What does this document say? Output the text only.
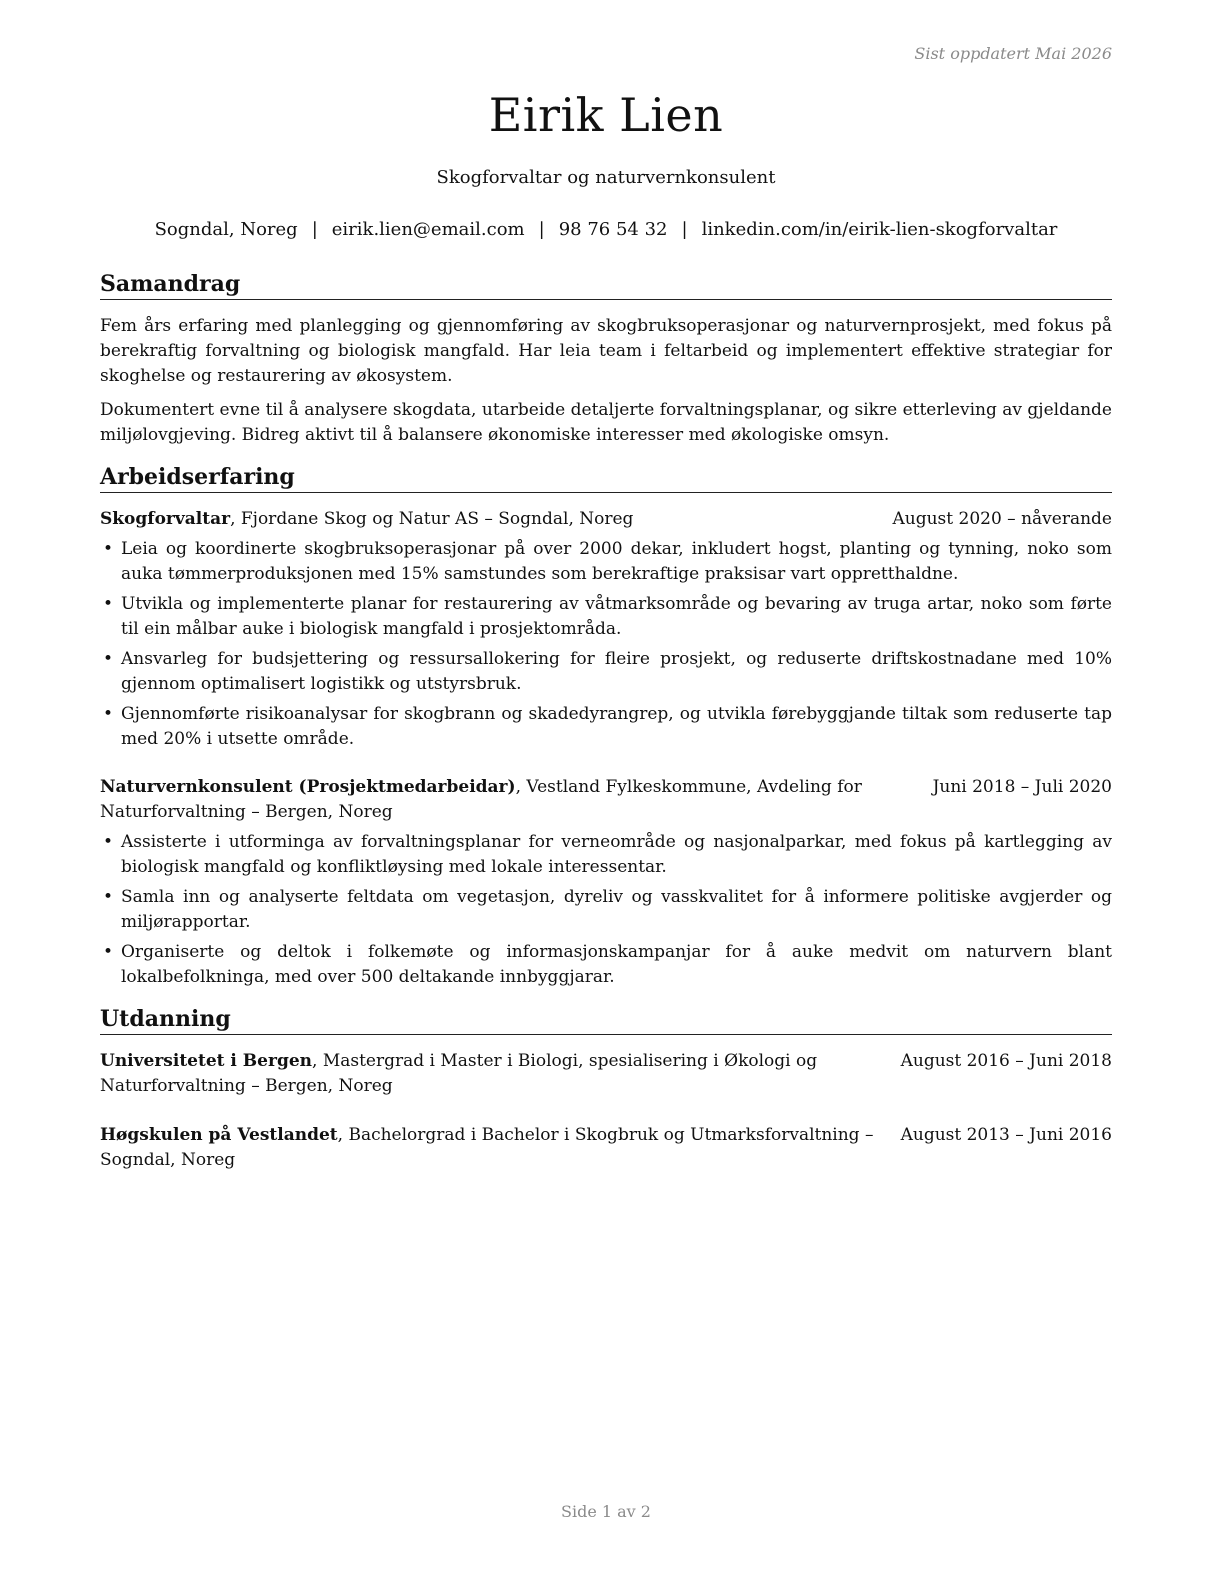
Sist oppdatert Mai 2026
Eirik Lien
Skogforvaltar og naturvernkonsulent
Sogndal, Noreg | eirik.lien@email.com | 98 76 54 32 | linkedin.com/in/eirik-lien-skogforvaltar
Samandrag

Fem års erfaring med planlegging og gjennomføring av skogbruksoperasjonar og naturvernprosjekt, med fokus på berekraftig forvaltning og biologisk mangfald. Har leia team i feltarbeid og implementert effektive strategiar for skoghelse og restaurering av økosystem.

Dokumentert evne til å analysere skogdata, utarbeide detaljerte forvaltningsplanar, og sikre etterleving av gjeldande miljølovgjeving. Bidreg aktivt til å balansere økonomiske interesser med økologiske omsyn.

Arbeidserfaring
Skogforvaltar, Fjordane Skog og Natur AS – Sogndal, Noreg	August 2020 – nåverande
• Leia og koordinerte skogbruksoperasjonar på over 2000 dekar, inkludert hogst, planting og tynning, noko som auka tømmerproduksjonen med 15% samstundes som berekraftige praksisar vart oppretthaldne.
• Utvikla og implementerte planar for restaurering av våtmarksområde og bevaring av truga artar, noko som førte til ein målbar auke i biologisk mangfald i prosjektområda.
• Ansvarleg for budsjettering og ressursallokering for fleire prosjekt, og reduserte driftskostnadane med 10% gjennom optimalisert logistikk og utstyrsbruk.
• Gjennomførte risikoanalysar for skogbrann og skadedyrangrep, og utvikla førebyggjande tiltak som reduserte tap med 20% i utsette område.
Naturvernkonsulent (Prosjektmedarbeidar), Vestland Fylkeskommune, Avdeling for Naturforvaltning – Bergen, Noreg
Juni 2018 – Juli 2020
• Assisterte i utforminga av forvaltningsplanar for verneområde og nasjonalparkar, med fokus på kartlegging av biologisk mangfald og konfliktløysing med lokale interessentar.
• Samla inn og analyserte feltdata om vegetasjon, dyreliv og vasskvalitet for å informere politiske avgjerder og miljørapportar.
• Organiserte og deltok i folkemøte og informasjonskampanjar for å auke medvit om naturvern blant lokalbefolkninga, med over 500 deltakande innbyggjarar.
Utdanning
Universitetet i Bergen, Mastergrad i Master i Biologi, spesialisering i Økologi og Naturforvaltning – Bergen, Noreg
August 2016 – Juni 2018
Høgskulen på Vestlandet, Bachelorgrad i Bachelor i Skogbruk og Utmarksforvaltning – Sogndal, Noreg
August 2013 – Juni 2016
Side 1 av 2
